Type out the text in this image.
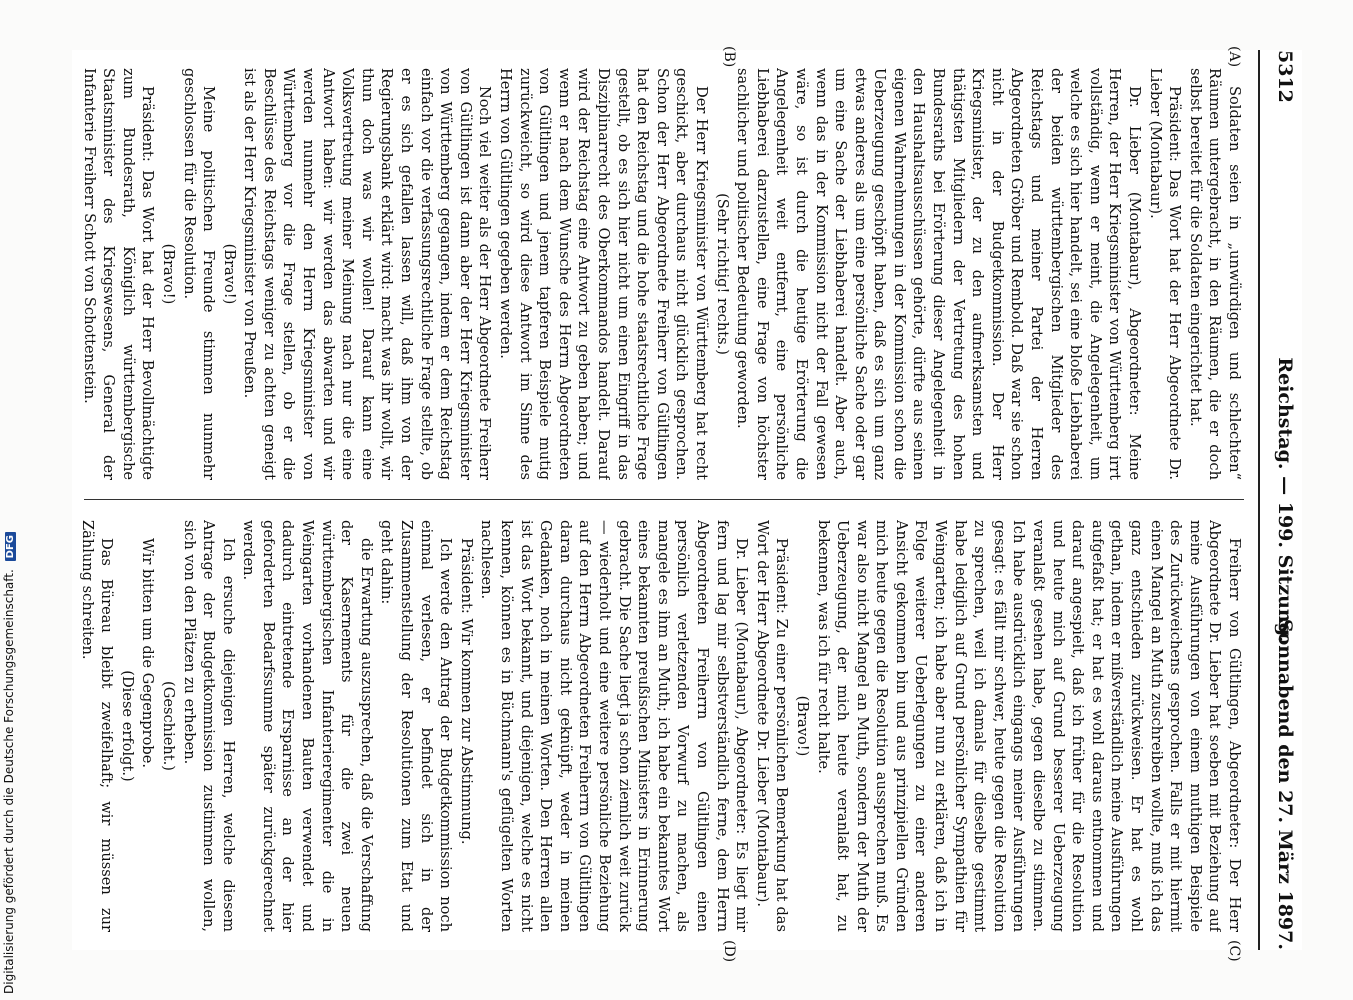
5312
Reichstag. — 199. Sitzung.
Sonnabend den 27. März 1897.
(A)
(B)
(C)
(D)

Soldaten seien in „unwürdigen und schlechten“ Räumen untergebracht, in den Räumen, die er doch selbst bereitet für die Soldaten eingerichtet hat.

Präsident: Das Wort hat der Herr Abgeordnete Dr. Lieber (Montabaur).

Dr. Lieber (Montabaur), Abgeordneter: Meine Herren, der Herr Kriegsminister von Württemberg irrt vollständig, wenn er meint, die Angelegenheit, um welche es sich hier handelt, sei eine bloße Liebhaberei der beiden württembergischen Mitglieder des Reichstags und meiner Partei der Herren Abgeordneten Gröber und Rembold. Daß war sie schon nicht in der Budgetkommission. Der Herr Kriegsminister, der zu den aufmerksamsten und thätigsten Mitgliedern der Vertretung des hohen Bundesraths bei Erörterung dieser Angelegenheit in den Haushaltsausschüssen gehörte, dürfte aus seinen eigenen Wahrnehmungen in der Kommission schon die Ueberzeugung geschöpft haben, daß es sich um ganz etwas anderes als um eine persönliche Sache oder gar um eine Sache der Liebhaberei handelt. Aber auch, wenn das in der Kommission nicht der Fall gewesen wäre, so ist durch die heutige Erörterung die Angelegenheit weit entfernt, eine persönliche Liebhaberei darzustellen, eine Frage von höchster sachlicher und politischer Bedeutung geworden.

(Sehr richtig! rechts.)

Der Herr Kriegsminister von Württemberg hat recht geschickt, aber durchaus nicht glücklich gesprochen. Schon der Herr Abgeordnete Freiherr von Gültlingen hat den Reichstag und die hohe staatsrechtliche Frage gestellt, ob es sich hier nicht um einen Eingriff in das Disziplinarrecht des Oberkommandos handelt. Darauf wird der Reichstag eine Antwort zu geben haben; und wenn er nach dem Wunsche des Herrn Abgeordneten von Gültlingen und jenem tapferen Beispiele mutig zurückweicht, so wird diese Antwort im Sinne des Herrn von Gültlingen gegeben werden.

Noch viel weiter als der Herr Abgeordnete Freiherr von Gültlingen ist dann aber der Herr Kriegsminister von Württemberg gegangen, indem er dem Reichstag einfach vor die verfassungsrechtliche Frage stellte, ob er es sich gefallen lassen will, daß ihm von der Regierungsbank erklärt wird: macht was ihr wollt, wir thun doch was wir wollen! Darauf kann eine Volksvertretung meiner Meinung nach nur die eine Antwort haben: wir werden das abwarten und wir werden nunmehr den Herrn Kriegsminister von Württemberg vor die Frage stellen, ob er die Beschlüsse des Reichstags weniger zu achten geneigt ist als der Herr Kriegsminister von Preußen.

(Bravo!)

Meine politischen Freunde stimmen nunmehr geschlossen für die Resolution.

(Bravo!)

Präsident: Das Wort hat der Herr Bevollmächtigte zum Bundesrath, Königlich württembergische Staatsminister des Kriegswesens, General der Infanterie Freiherr Schott von Schottenstein.

Freiherr von Gültlingen, Abgeordneter: Der Herr Abgeordnete Dr. Lieber hat soeben mit Beziehung auf meine Ausführungen von einem muthigen Beispiele des Zurückweichens gesprochen. Falls er mit hiermit einen Mangel an Muth zuschreiben wollte, muß ich das ganz entschieden zurückweisen. Er hat es wohl gethan, indem er mißverständlich meine Ausführungen aufgefaßt hat; er hat es wohl daraus entnommen und darauf angespielt, daß ich früher für die Resolution und heute mich auf Grund besserer Ueberzeugung veranlaßt gesehen habe, gegen dieselbe zu stimmen. Ich habe ausdrücklich eingangs meiner Ausführungen gesagt: es fällt mir schwer, heute gegen die Resolution zu sprechen, weil ich damals für dieselbe gestimmt habe lediglich auf Grund persönlicher Sympathien für Weingarten; ich habe aber nun zu erklären, daß ich in Folge weiterer Ueberlegungen zu einer anderen Ansicht gekommen bin und aus prinzipiellen Gründen mich heute gegen die Resolution aussprechen muß. Es war also nicht Mangel an Muth, sondern der Muth der Ueberzeugung, der mich heute veranlaßt hat, zu bekennen, was ich für recht halte.

(Bravo!)

Präsident: Zu einer persönlichen Bemerkung hat das Wort der Herr Abgeordnete Dr. Lieber (Montabaur).

Dr. Lieber (Montabaur), Abgeordneter: Es liegt mir fern und lag mir selbstverständlich ferne, dem Herrn Abgeordneten Freiherrn von Gültlingen einen persönlich verletzenden Vorwurf zu machen, als mangele es ihm an Muth; ich habe ein bekanntes Wort eines bekannten preußischen Ministers in Erinnerung gebracht. Die Sache liegt ja schon ziemlich weit zurück — wiederholt und eine weitere persönliche Beziehung auf den Herrn Abgeordneten Freiherrn von Gültlingen daran durchaus nicht geknüpft, weder in meinen Gedanken, noch in meinen Worten. Den Herren allen ist das Wort bekannt, und diejenigen, welche es nicht kennen, können es in Büchmann's geflügelten Worten nachlesen.

Präsident: Wir kommen zur Abstimmung.

Ich werde den Antrag der Budgetkommission noch einmal verlesen, er befindet sich in der Zusammenstellung der Resolutionen zum Etat und geht dahin:

die Erwartung auszusprechen, daß die Verschaffung der Kasernements für die zwei neuen württembergischen Infanterieregimenter die in Weingarten vorhandenen Bauten verwendet und dadurch eintretende Ersparnisse an der hier geforderten Bedarfssumme später zurückgerechnet werden.

Ich ersuche diejenigen Herren, welche diesem Antrage der Budgetkommission zustimmen wollen, sich von den Plätzen zu erheben.

(Geschieht.)

Wir bitten um die Gegenprobe.

(Diese erfolgt.)

Das Büreau bleibt zweifelhaft; wir müssen zur Zählung schreiten.

Digitalisierung gefördert durch die Deutsche Forschungsgemeinschaft. DFG
